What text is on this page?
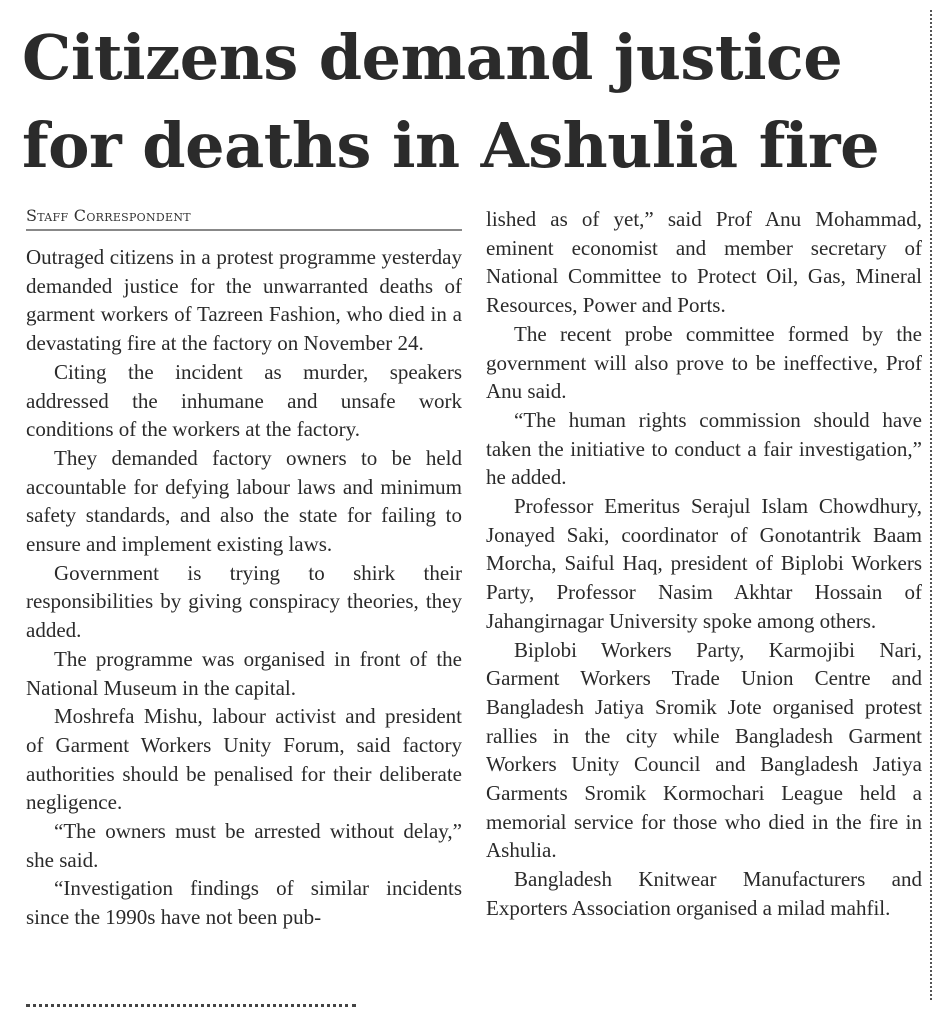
Citizens demand justice
for deaths in Ashulia fire
Staff Correspondent

Outraged citizens in a protest programme yesterday demanded justice for the unwarranted deaths of garment workers of Tazreen Fashion, who died in a devastating fire at the factory on November 24.

Citing the incident as murder, speakers addressed the inhumane and unsafe work conditions of the workers at the factory.

They demanded factory owners to be held accountable for defying labour laws and minimum safety standards, and also the state for failing to ensure and implement existing laws.

Government is trying to shirk their responsibilities by giving conspiracy theories, they added.

The programme was organised in front of the National Museum in the capital.

Moshrefa Mishu, labour activist and president of Garment Workers Unity Forum, said factory authorities should be penalised for their deliberate negligence.

“The owners must be arrested without delay,” she said.

“Investigation findings of similar incidents since the 1990s have not been pub-

lished as of yet,” said Prof Anu Mohammad, eminent economist and member secretary of National Committee to Protect Oil, Gas, Mineral Resources, Power and Ports.

The recent probe committee formed by the government will also prove to be ineffective, Prof Anu said.

“The human rights commission should have taken the initiative to conduct a fair investigation,” he added.

Professor Emeritus Serajul Islam Chowdhury, Jonayed Saki, coordinator of Gonotantrik Baam Morcha, Saiful Haq, president of Biplobi Workers Party, Professor Nasim Akhtar Hossain of Jahangirnagar University spoke among others.

Biplobi Workers Party, Karmojibi Nari, Garment Workers Trade Union Centre and Bangladesh Jatiya Sromik Jote organised protest rallies in the city while Bangladesh Garment Workers Unity Council and Bangladesh Jatiya Garments Sromik Kormochari League held a memorial service for those who died in the fire in Ashulia.

Bangladesh Knitwear Manufacturers and Exporters Association organised a milad mahfil.
